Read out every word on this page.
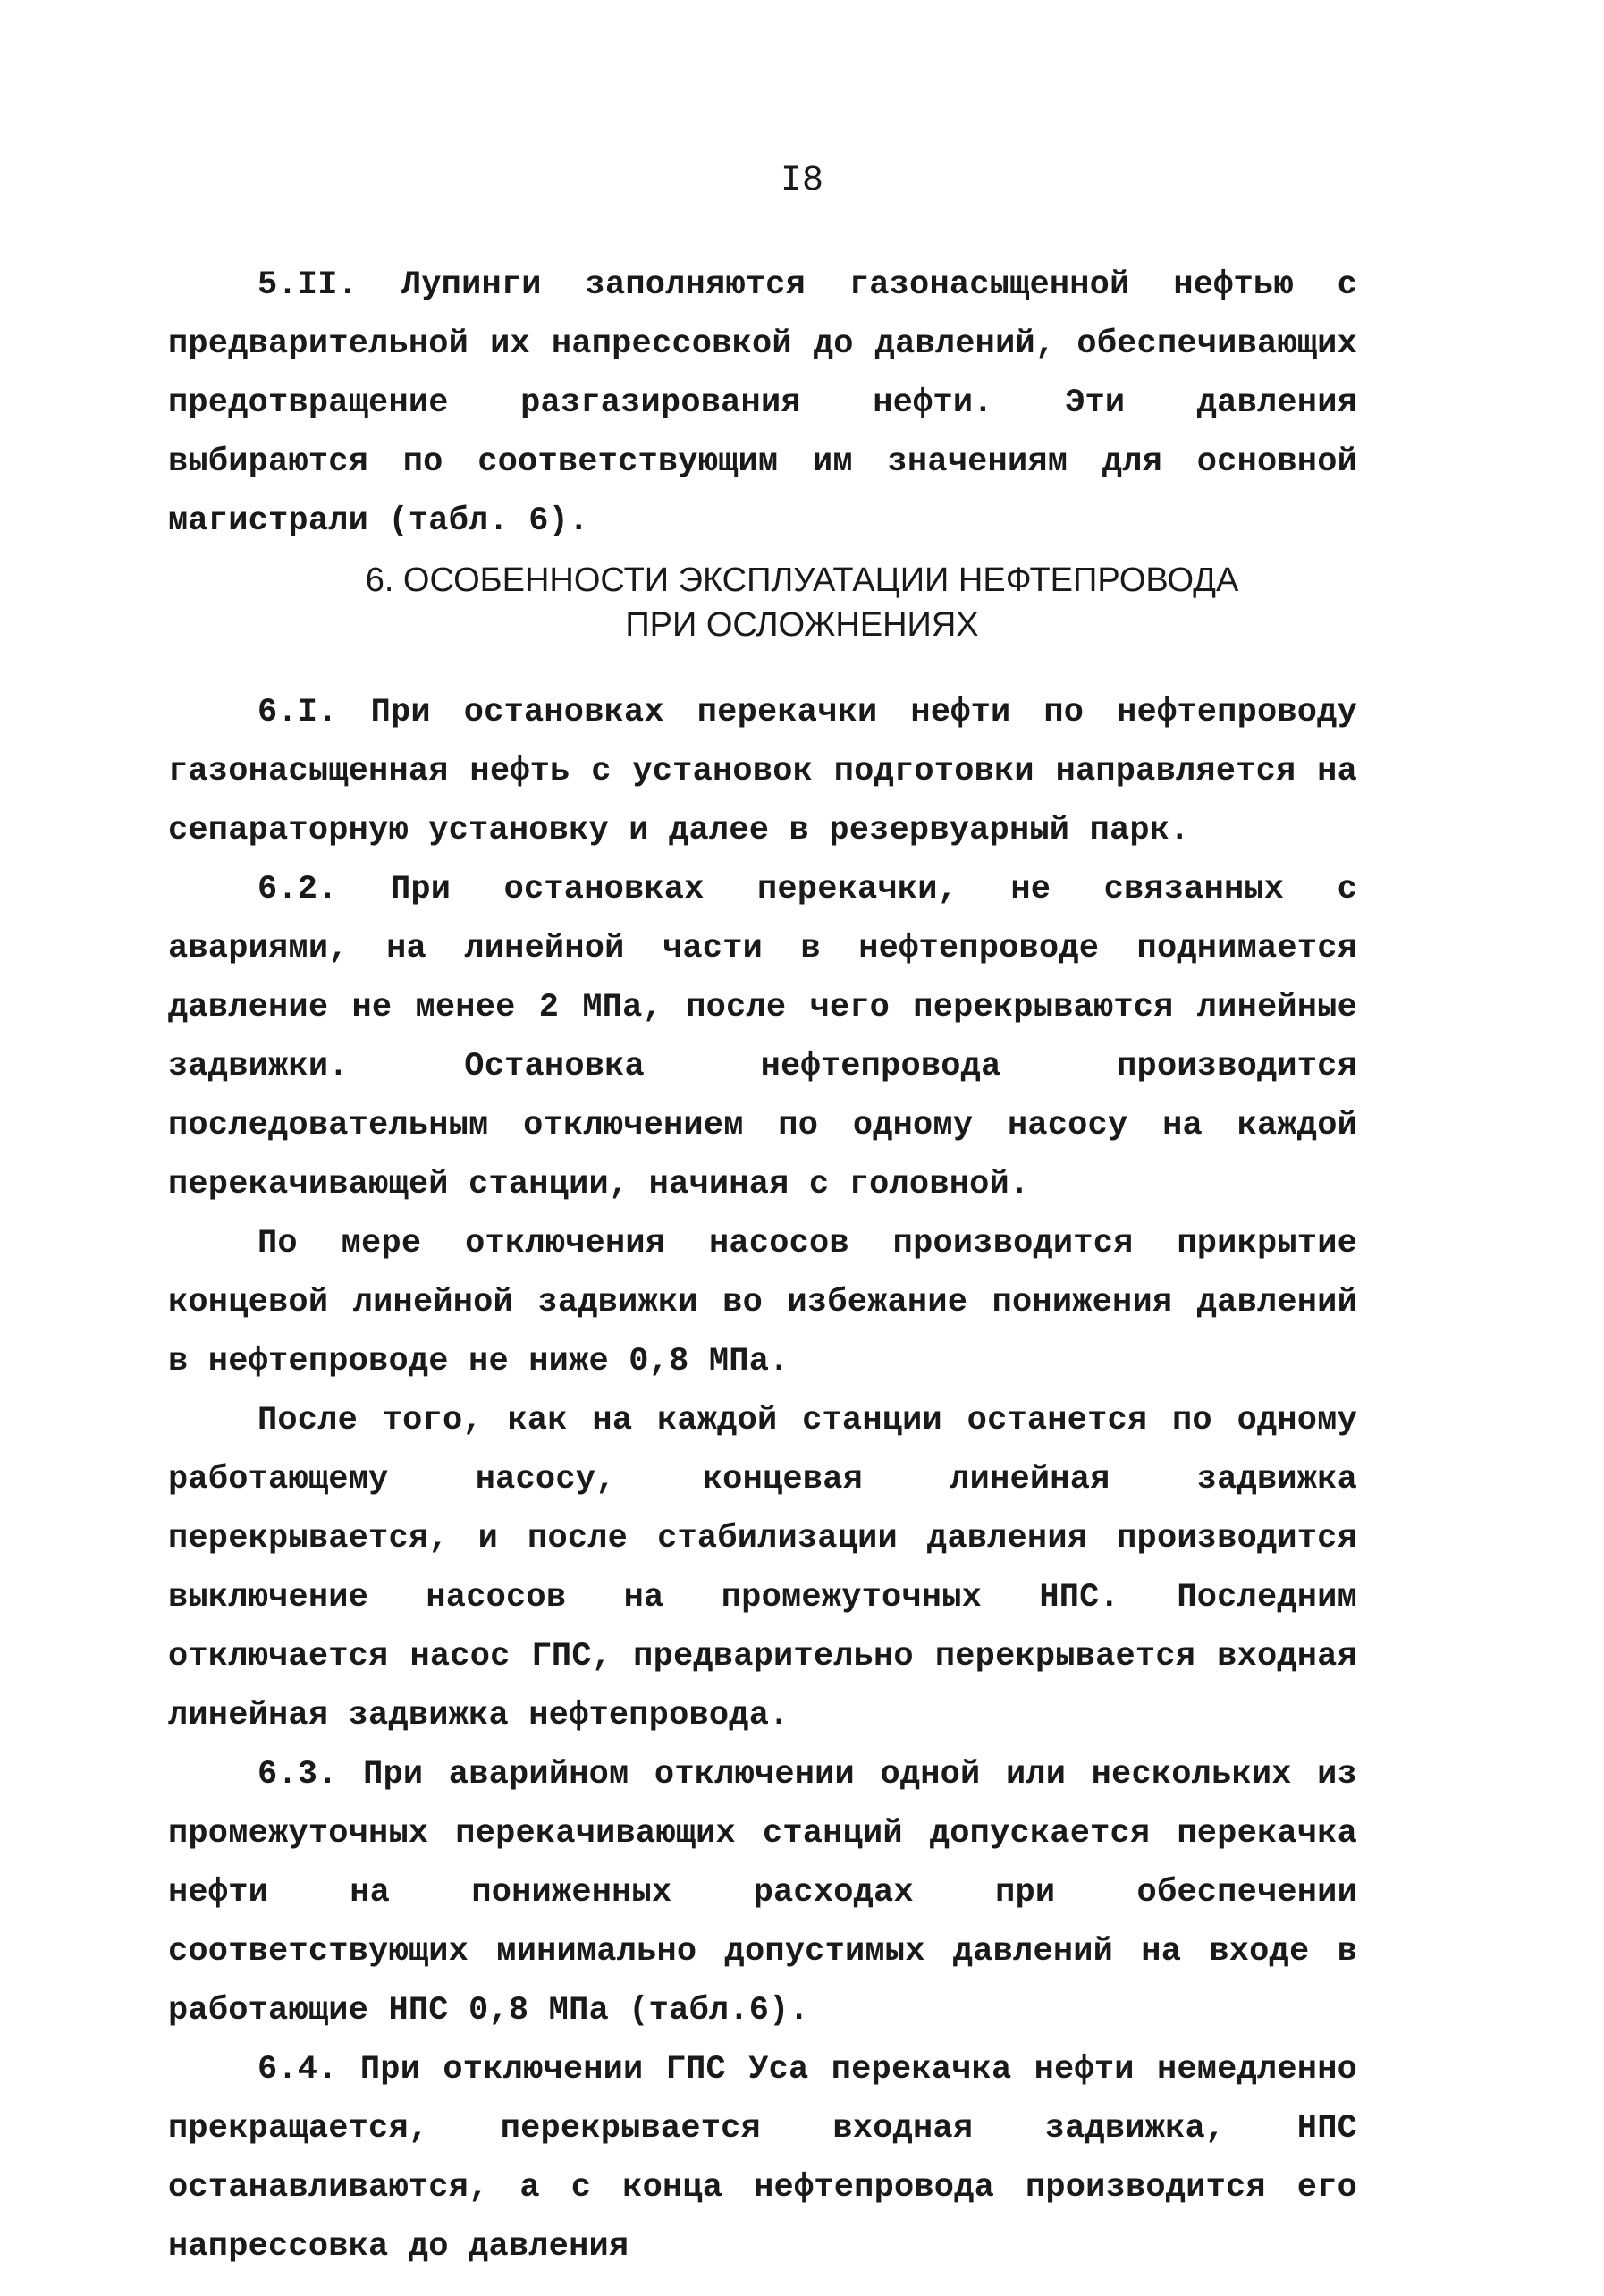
I8

5.II. Лупинги заполняются газонасыщенной нефтью с предварительной их напрессовкой до давлений, обеспечивающих предотвращение разгазирования нефти. Эти давления выбираются по соответствующим им значениям для основной магистрали (табл. 6).

6. ОСОБЕННОСТИ ЭКСПЛУАТАЦИИ НЕФТЕПРОВОДА
ПРИ ОСЛОЖНЕНИЯХ

6.I. При остановках перекачки нефти по нефтепроводу газонасыщенная нефть с установок подготовки направляется на сепараторную установку и далее в резервуарный парк.

6.2. При остановках перекачки, не связанных с авариями, на линейной части в нефтепроводе поднимается давление не менее 2 МПа, после чего перекрываются линейные задвижки. Остановка нефтепровода производится последовательным отключением по одному насосу на каждой перекачивающей станции, начиная с головной.

По мере отключения насосов производится прикрытие концевой линейной задвижки во избежание понижения давлений в нефтепроводе не ниже 0,8 МПа.

После того, как на каждой станции останется по одному работающему насосу, концевая линейная задвижка перекрывается, и после стабилизации давления производится выключение насосов на промежуточных НПС. Последним отключается насос ГПС, предварительно перекрывается входная линейная задвижка нефтепровода.

6.3. При аварийном отключении одной или нескольких из промежуточных перекачивающих станций допускается перекачка нефти на пониженных расходах при обеспечении соответствующих минимально допустимых давлений на входе в работающие НПС 0,8 МПа (табл.6).

6.4. При отключении ГПС Уса перекачка нефти немедленно прекращается, перекрывается входная задвижка, НПС останавливаются, а с конца нефтепровода производится его напрессовка до давления
